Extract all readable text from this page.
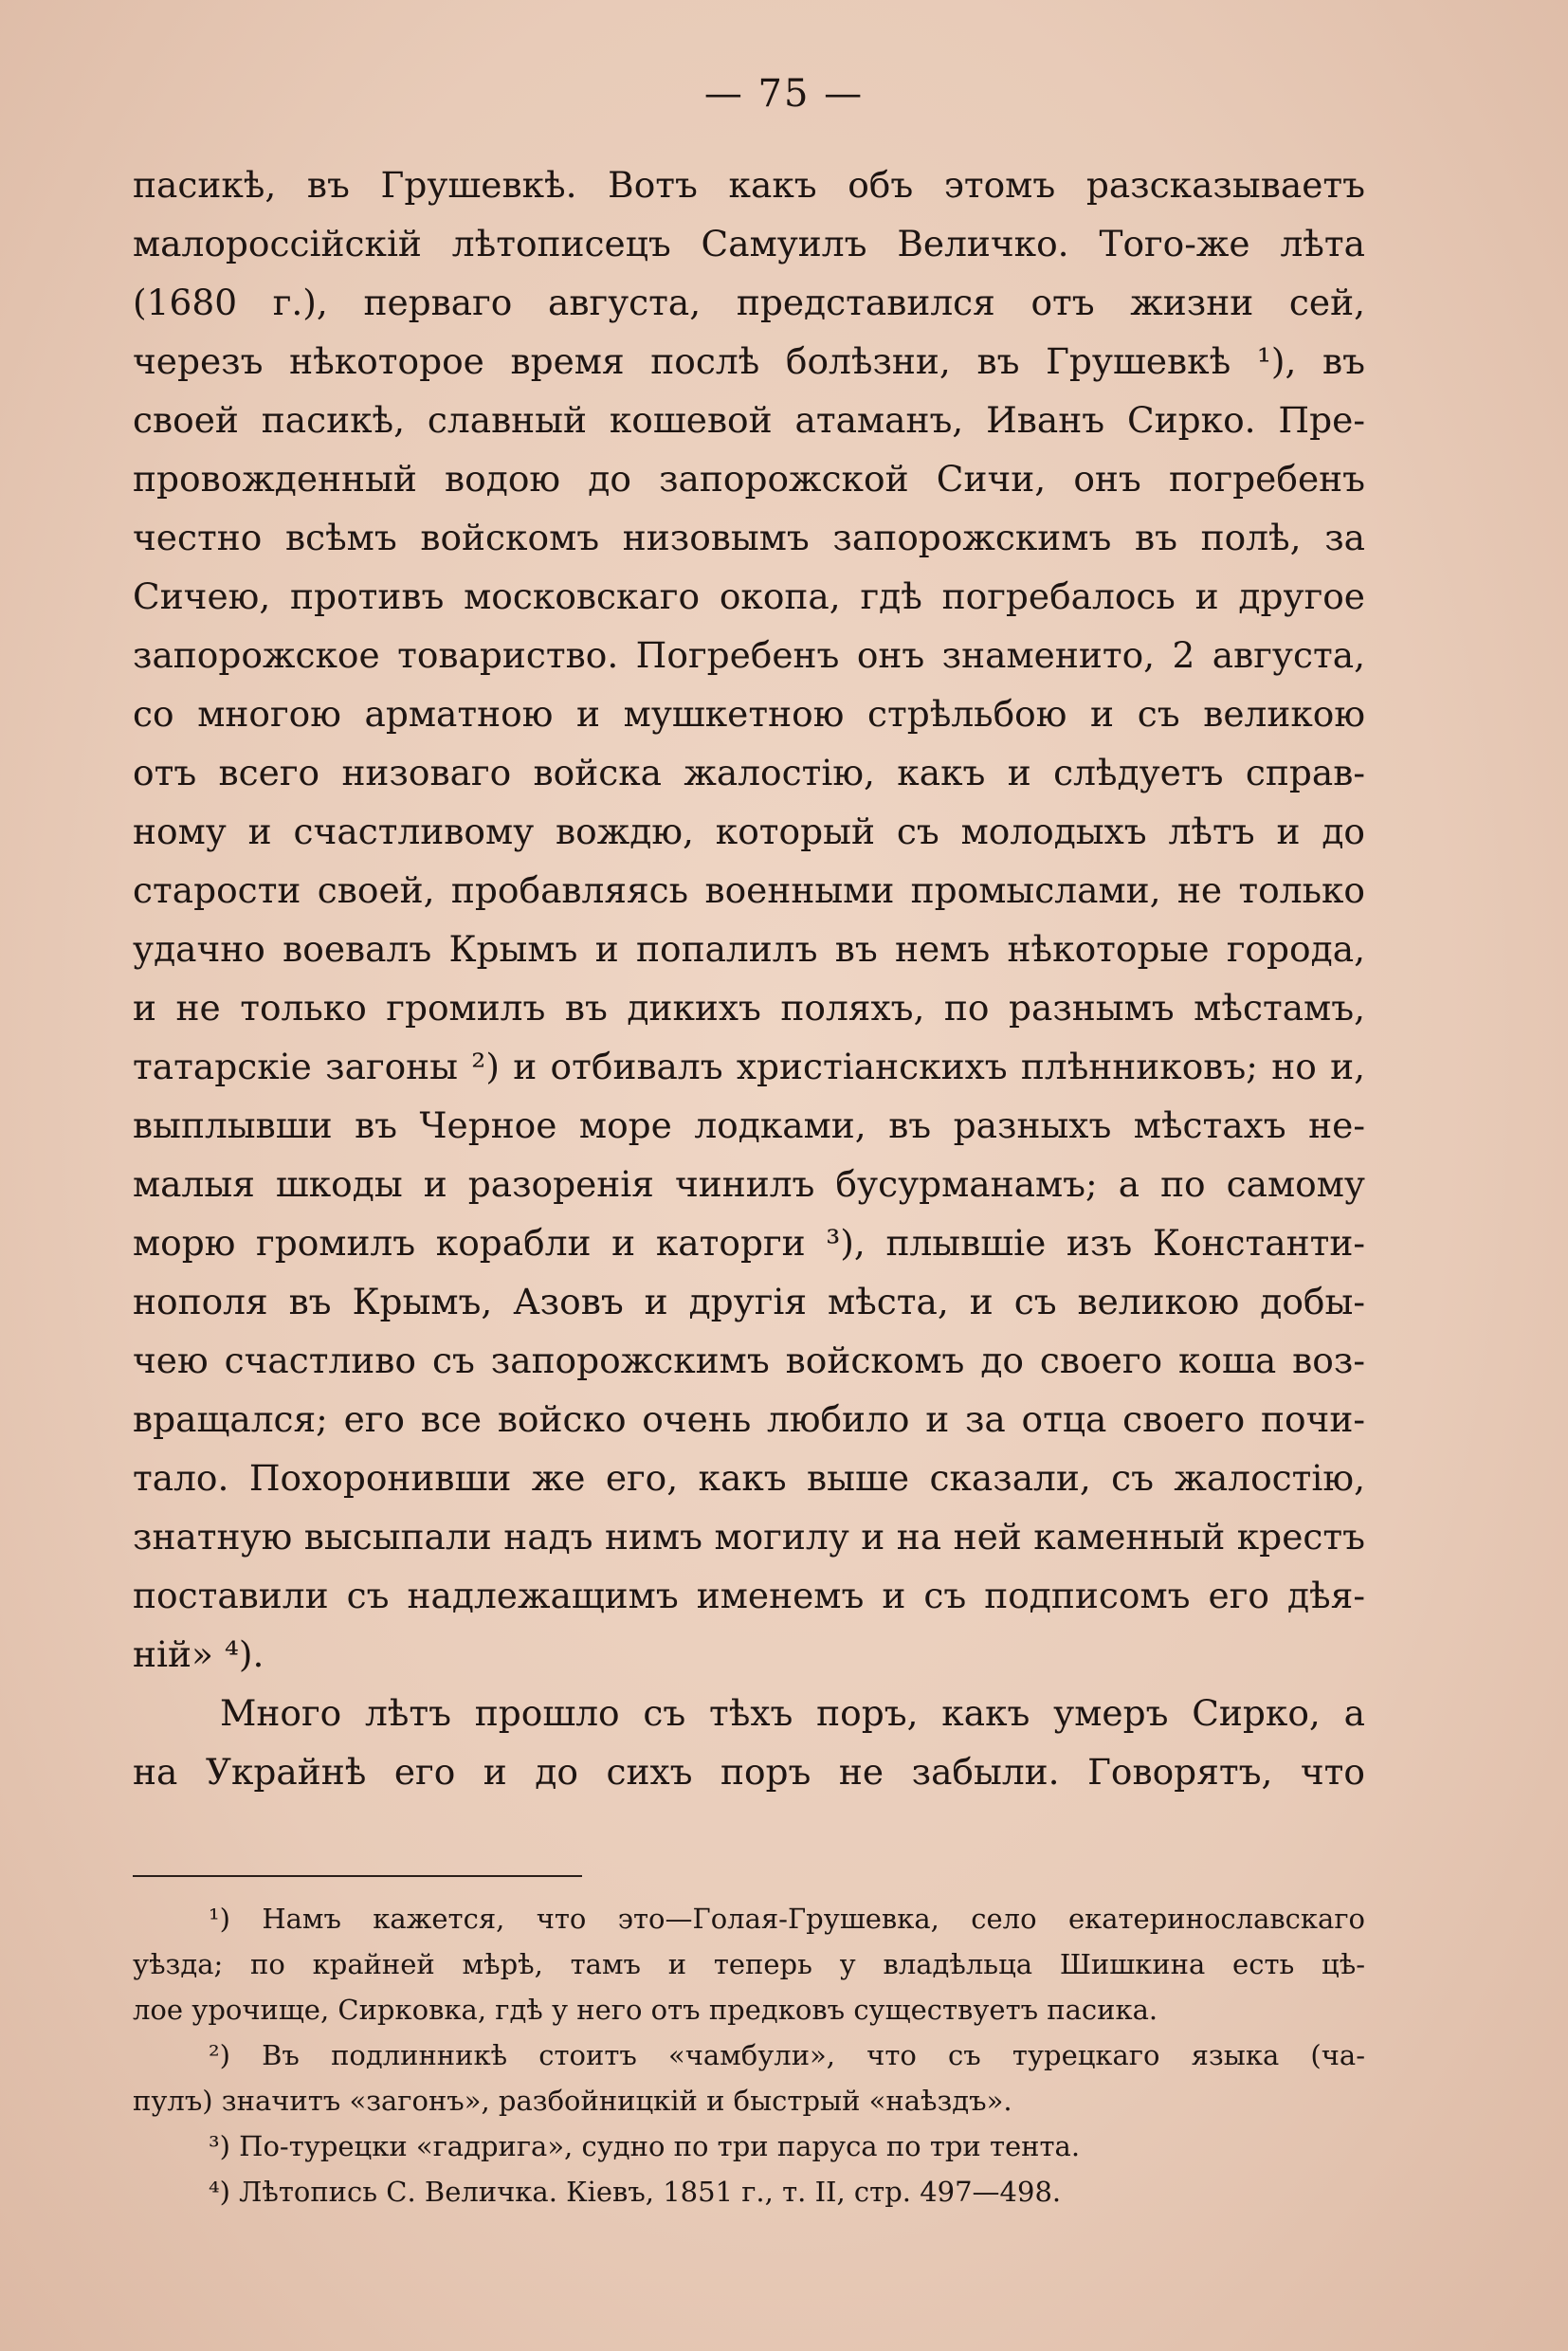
— 75 —
пасикѣ, въ Грушевкѣ. Вотъ какъ объ этомъ разсказываетъ
малороссійскій лѣтописецъ Самуилъ Величко. Того-же лѣта
(1680 г.), перваго августа, представился отъ жизни сей,
черезъ нѣкоторое время послѣ болѣзни, въ Грушевкѣ ¹), въ
своей пасикѣ, славный кошевой атаманъ, Иванъ Сирко. Пре-
провожденный водою до запорожской Сичи, онъ погребенъ
честно всѣмъ войскомъ низовымъ запорожскимъ въ полѣ, за
Сичею, противъ московскаго окопа, гдѣ погребалось и другое
запорожское товариство. Погребенъ онъ знаменито, 2 августа,
со многою арматною и мушкетною стрѣльбою и съ великою
отъ всего низоваго войска жалостію, какъ и слѣдуетъ справ-
ному и счастливому вождю, который съ молодыхъ лѣтъ и до
старости своей, пробавляясь военными промыслами, не только
удачно воевалъ Крымъ и попалилъ въ немъ нѣкоторые города,
и не только громилъ въ дикихъ поляхъ, по разнымъ мѣстамъ,
татарскіе загоны ²) и отбивалъ христіанскихъ плѣнниковъ; но и,
выплывши въ Черное море лодками, въ разныхъ мѣстахъ не-
малыя шкоды и разоренія чинилъ бусурманамъ; а по самому
морю громилъ корабли и каторги ³), плывшіе изъ Константи-
нополя въ Крымъ, Азовъ и другія мѣста, и съ великою добы-
чею счастливо съ запорожскимъ войскомъ до своего коша воз-
вращался; его все войско очень любило и за отца своего почи-
тало. Похоронивши же его, какъ выше сказали, съ жалостію,
знатную высыпали надъ нимъ могилу и на ней каменный крестъ
поставили съ надлежащимъ именемъ и съ подписомъ его дѣя-
ній» ⁴).
Много лѣтъ прошло съ тѣхъ поръ, какъ умеръ Сирко, а
на Украйнѣ его и до сихъ поръ не забыли. Говорятъ, что
¹) Намъ кажется, что это—Голая-Грушевка, село екатеринославскаго
уѣзда; по крайней мѣрѣ, тамъ и теперь у владѣльца Шишкина есть цѣ-
лое урочище, Сирковка, гдѣ у него отъ предковъ существуетъ пасика.
²) Въ подлинникѣ стоитъ «чамбули», что съ турецкаго языка (ча-
пулъ) значитъ «загонъ», разбойницкій и быстрый «наѣздъ».
³) По-турецки «гадрига», судно по три паруса по три тента.
⁴) Лѣтопись С. Величка. Кіевъ, 1851 г., т. II, стр. 497—498.
